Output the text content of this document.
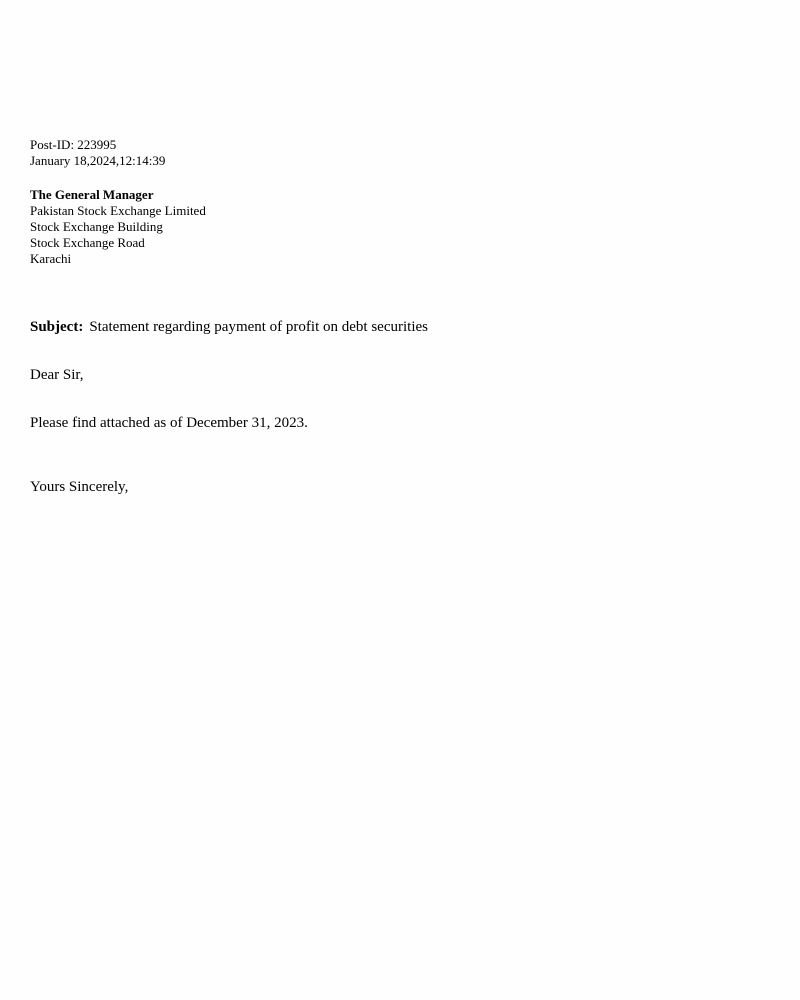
Post-ID: 223995
January 18,2024,12:14:39
The General Manager
Pakistan Stock Exchange Limited
Stock Exchange Building
Stock Exchange Road
Karachi
Subject: Statement regarding payment of profit on debt securities
Dear Sir,
Please find attached as of December 31, 2023.
Yours Sincerely,
